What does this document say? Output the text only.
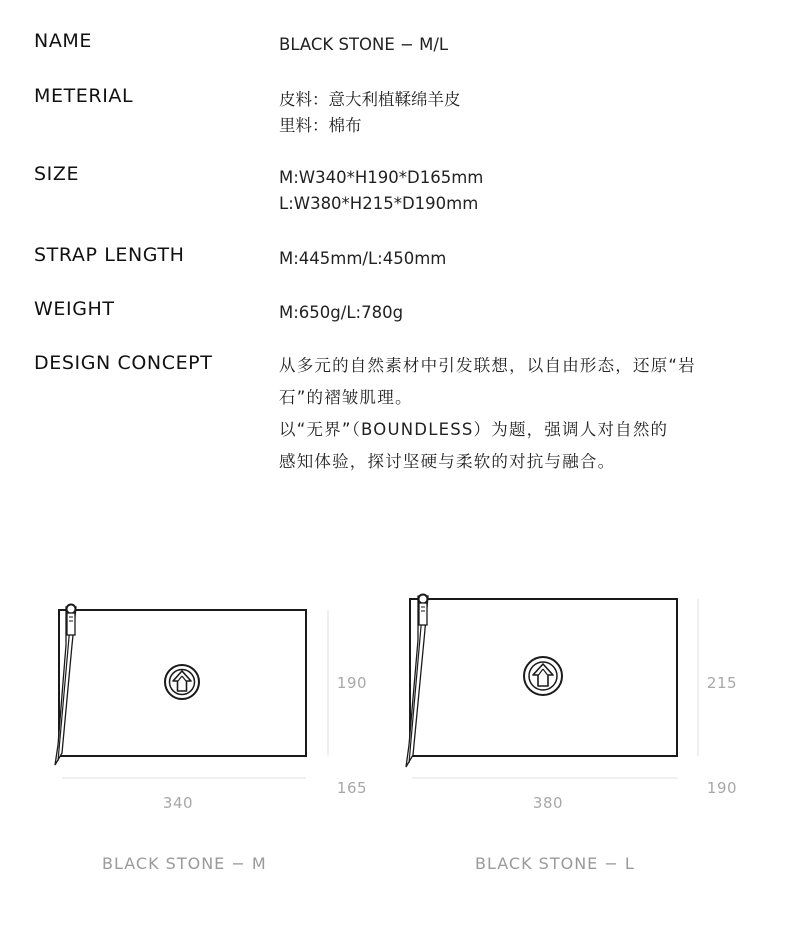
NAME	BLACK STONE − M/L
METERIAL	皮料：意大利植鞣绵羊皮
里料：棉布
SIZE	M:W340*H190*D165mm
L:W380*H215*D190mm
STRAP LENGTH	M:445mm/L:450mm
WEIGHT	M:650g/L:780g
DESIGN CONCEPT	从多元的自然素材中引发联想，以自由形态，还原“岩
石”的褶皱肌理。
以“无界”（BOUNDLESS）为题，强调人对自然的
感知体验，探讨坚硬与柔软的对抗与融合。
340
190
165
380
215
190
BLACK STONE − M	BLACK STONE − L
